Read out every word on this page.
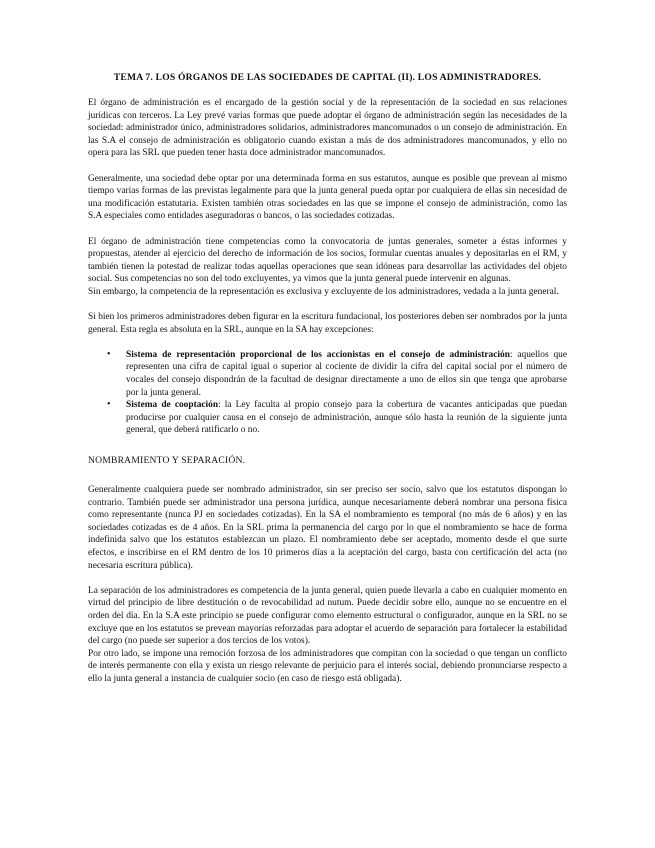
TEMA 7. LOS ÓRGANOS DE LAS SOCIEDADES DE CAPITAL (II). LOS ADMINISTRADORES.

El órgano de administración es el encargado de la gestión social y de la representación de la sociedad en sus relaciones jurídicas con terceros. La Ley prevé varias formas que puede adoptar el órgano de administración según las necesidades de la sociedad: administrador único, administradores solidarios, administradores mancomunados o un consejo de administración. En las S.A el consejo de administración es obligatorio cuando existan a más de dos administradores mancomunados, y ello no opera para las SRL que pueden tener hasta doce administrador mancomunados.

Generalmente, una sociedad debe optar por una determinada forma en sus estatutos, aunque es posible que prevean al mismo tiempo varias formas de las previstas legalmente para que la junta general pueda optar por cualquiera de ellas sin necesidad de una modificación estatutaria. Existen también otras sociedades en las que se impone el consejo de administración, como las S.A especiales como entidades aseguradoras o bancos, o las sociedades cotizadas.

El órgano de administración tiene competencias como la convocatoria de juntas generales, someter a éstas informes y propuestas, atender al ejercicio del derecho de información de los socios, formular cuentas anuales y depositarlas en el RM, y también tienen la potestad de realizar todas aquellas operaciones que sean idóneas para desarrollar las actividades del objeto social. Sus competencias no son del todo excluyentes, ya vimos que la junta general puede intervenir en algunas.

Sin embargo, la competencia de la representación es exclusiva y excluyente de los administradores, vedada a la junta general.

Si bien los primeros administradores deben figurar en la escritura fundacional, los posteriores deben ser nombrados por la junta general. Esta regla es absoluta en la SRL, aunque en la SA hay excepciones:

• Sistema de representación proporcional de los accionistas en el consejo de administración: aquellos que representen una cifra de capital igual o superior al cociente de dividir la cifra del capital social por el número de vocales del consejo dispondrán de la facultad de designar directamente a uno de ellos sin que tenga que aprobarse por la junta general.
• Sistema de cooptación: la Ley faculta al propio consejo para la cobertura de vacantes anticipadas que puedan producirse por cualquier causa en el consejo de administración, aunque sólo hasta la reunión de la siguiente junta general, que deberá ratificarlo o no.
NOMBRAMIENTO Y SEPARACIÓN.

Generalmente cualquiera puede ser nombrado administrador, sin ser preciso ser socio, salvo que los estatutos dispongan lo contrario. También puede ser administrador una persona jurídica, aunque necesariamente deberá nombrar una persona física como representante (nunca PJ en sociedades cotizadas). En la SA el nombramiento es temporal (no más de 6 años) y en las sociedades cotizadas es de 4 años. En la SRL prima la permanencia del cargo por lo que el nombramiento se hace de forma indefinida salvo que los estatutos establezcan un plazo. El nombramiento debe ser aceptado, momento desde el que surte efectos, e inscribirse en el RM dentro de los 10 primeros días a la aceptación del cargo, basta con certificación del acta (no necesaria escritura pública).

La separación de los administradores es competencia de la junta general, quien puede llevarla a cabo en cualquier momento en virtud del principio de libre destitución o de revocabilidad ad nutum. Puede decidir sobre ello, aunque no se encuentre en el orden del día. En la S.A este principio se puede configurar como elemento estructural o configurador, aunque en la SRL no se excluye que en los estatutos se prevean mayorías reforzadas para adoptar el acuerdo de separación para fortalecer la estabilidad del cargo (no puede ser superior a dos tercios de los votos).

Por otro lado, se impone una remoción forzosa de los administradores que compitan con la sociedad o que tengan un conflicto de interés permanente con ella y exista un riesgo relevante de perjuicio para el interés social, debiendo pronunciarse respecto a ello la junta general a instancia de cualquier socio (en caso de riesgo está obligada).
